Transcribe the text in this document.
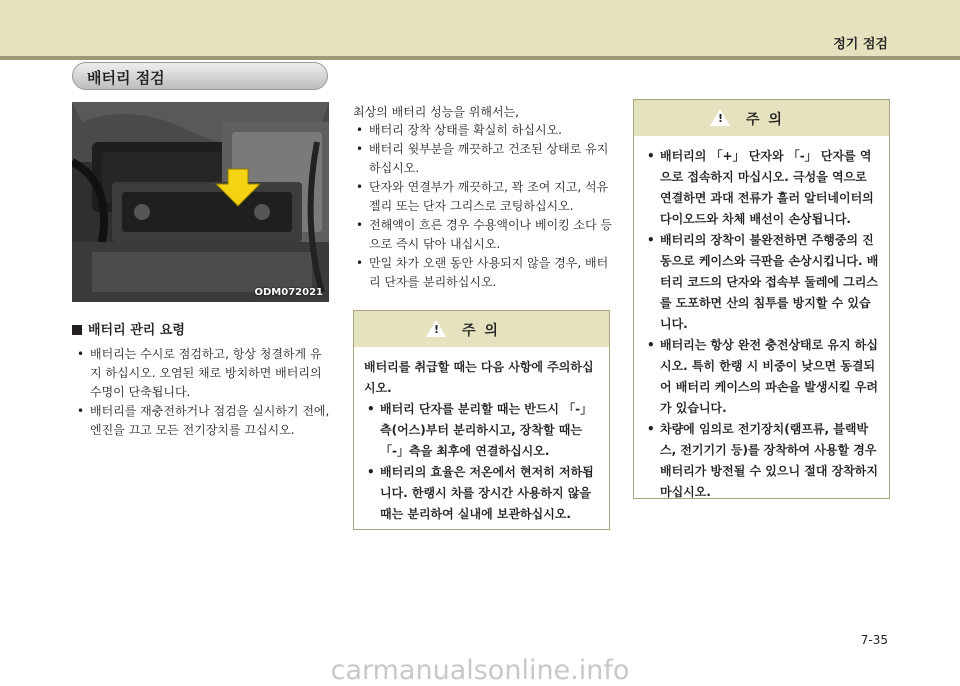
정기 점검
배터리 점검
ODM072021
배터리 관리 요령
• 배터리는 수시로 점검하고, 항상 청결하게 유지 하십시오. 오염된 채로 방치하면 배터리의 수명이 단축됩니다.
• 배터리를 재충전하거나 점검을 실시하기 전에, 엔진을 끄고 모든 전기장치를 끄십시오.
최상의 배터리 성능을 위해서는,
• 배터리 장착 상태를 확실히 하십시오.
• 배터리 윗부분을 깨끗하고 건조된 상태로 유지하십시오.
• 단자와 연결부가 깨끗하고, 꽉 조여 지고, 석유 젤리 또는 단자 그리스로 코팅하십시오.
• 전해액이 흐른 경우 수용액이나 베이킹 소다 등으로 즉시 닦아 내십시오.
• 만일 차가 오랜 동안 사용되지 않을 경우, 배터리 단자를 분리하십시오.
! 주 의
배터리를 취급할 때는 다음 사항에 주의하십시오.
• 배터리 단자를 분리할 때는 반드시 「-」측(어스)부터 분리하시고, 장착할 때는 「-」측을 최후에 연결하십시오.
• 배터리의 효율은 저온에서 현저히 저하됩니다. 한랭시 차를 장시간 사용하지 않을 때는 분리하여 실내에 보관하십시오.
! 주 의
• 배터리의 「+」 단자와 「-」 단자를 역으로 접속하지 마십시오. 극성을 역으로 연결하면 과대 전류가 흘러 알터네이터의 다이오드와 차체 배선이 손상됩니다.
• 배터리의 장착이 불완전하면 주행중의 진동으로 케이스와 극판을 손상시킵니다. 배터리 코드의 단자와 접속부 둘레에 그리스를 도포하면 산의 침투를 방지할 수 있습니다.
• 배터리는 항상 완전 충전상태로 유지 하십시오. 특히 한랭 시 비중이 낮으면 동결되어 배터리 케이스의 파손을 발생시킬 우려가 있습니다.
• 차량에 임의로 전기장치(램프류, 블랙박스, 전기기기 등)를 장착하여 사용할 경우 배터리가 방전될 수 있으니 절대 장착하지 마십시오.
7-35
carmanualsonline.info
